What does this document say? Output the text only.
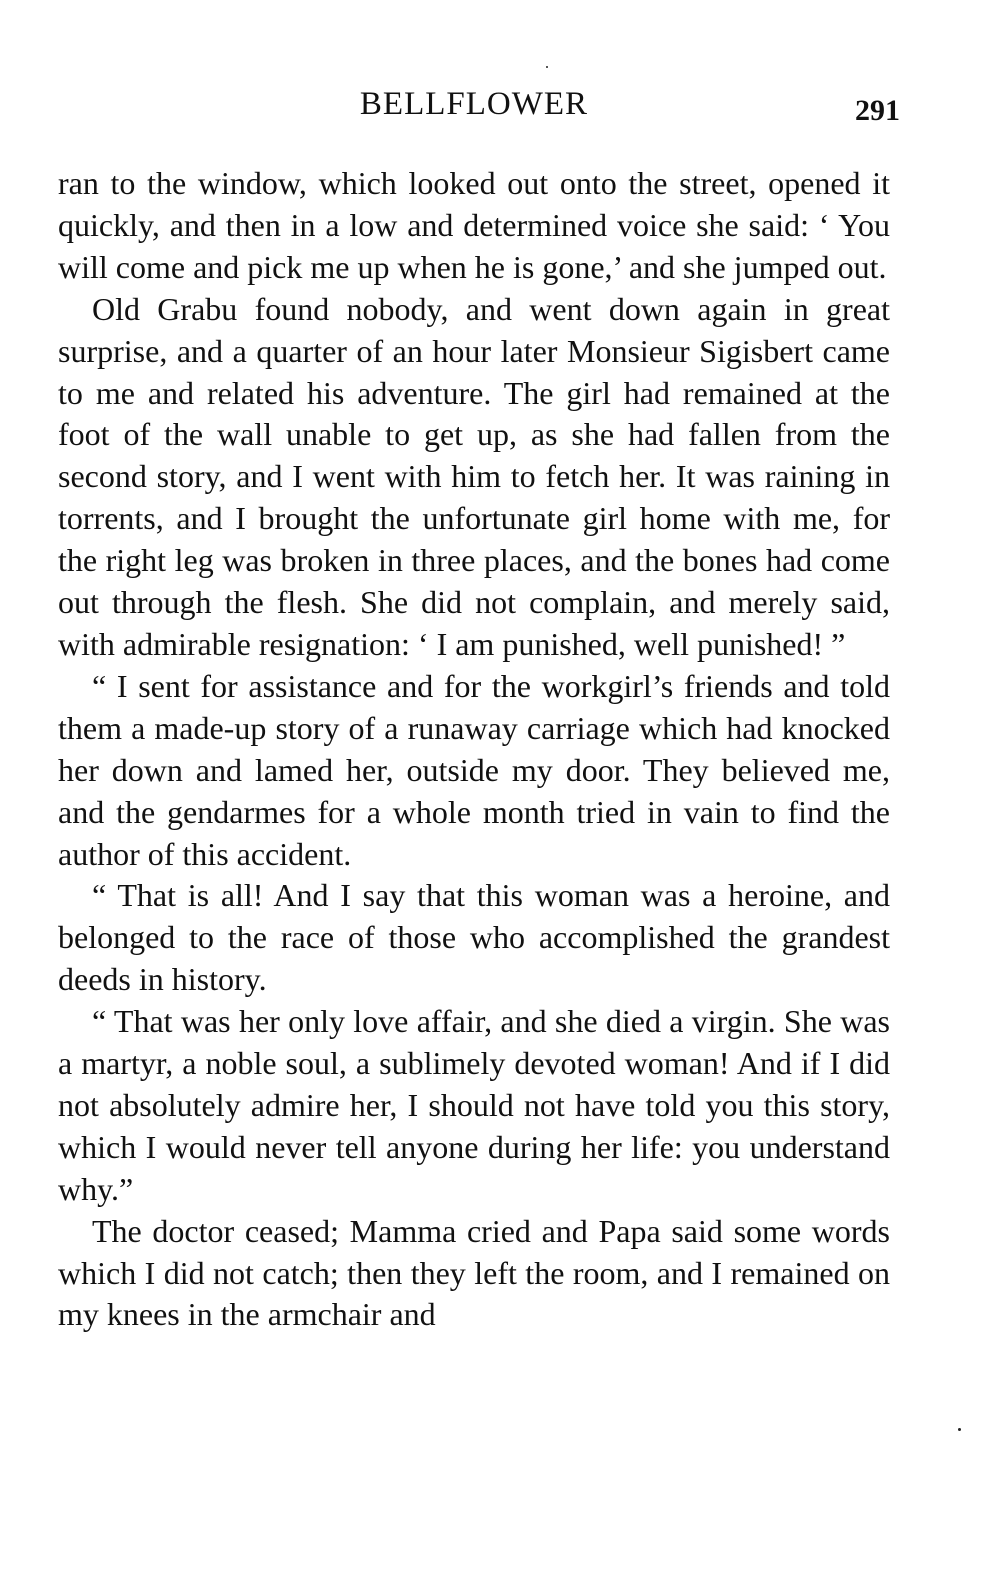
BELLFLOWER	291

ran to the window, which looked out onto the street, opened it quickly, and then in a low and determined voice she said: ‘ You will come and pick me up when he is gone,’ and she jumped out.

Old Grabu found nobody, and went down again in great surprise, and a quarter of an hour later Monsieur Sigisbert came to me and related his adventure. The girl had remained at the foot of the wall unable to get up, as she had fallen from the second story, and I went with him to fetch her. It was raining in torrents, and I brought the unfortunate girl home with me, for the right leg was broken in three places, and the bones had come out through the flesh. She did not complain, and merely said, with admirable resignation: ‘ I am punished, well punished! ”

“ I sent for assistance and for the workgirl’s friends and told them a made-up story of a runaway carriage which had knocked her down and lamed her, outside my door. They believed me, and the gendarmes for a whole month tried in vain to find the author of this accident.

“ That is all! And I say that this woman was a heroine, and belonged to the race of those who accomplished the grandest deeds in history.

“ That was her only love affair, and she died a virgin. She was a martyr, a noble soul, a sublimely devoted woman! And if I did not absolutely admire her, I should not have told you this story, which I would never tell anyone during her life: you understand why.”

The doctor ceased; Mamma cried and Papa said some words which I did not catch; then they left the room, and I remained on my knees in the armchair and
